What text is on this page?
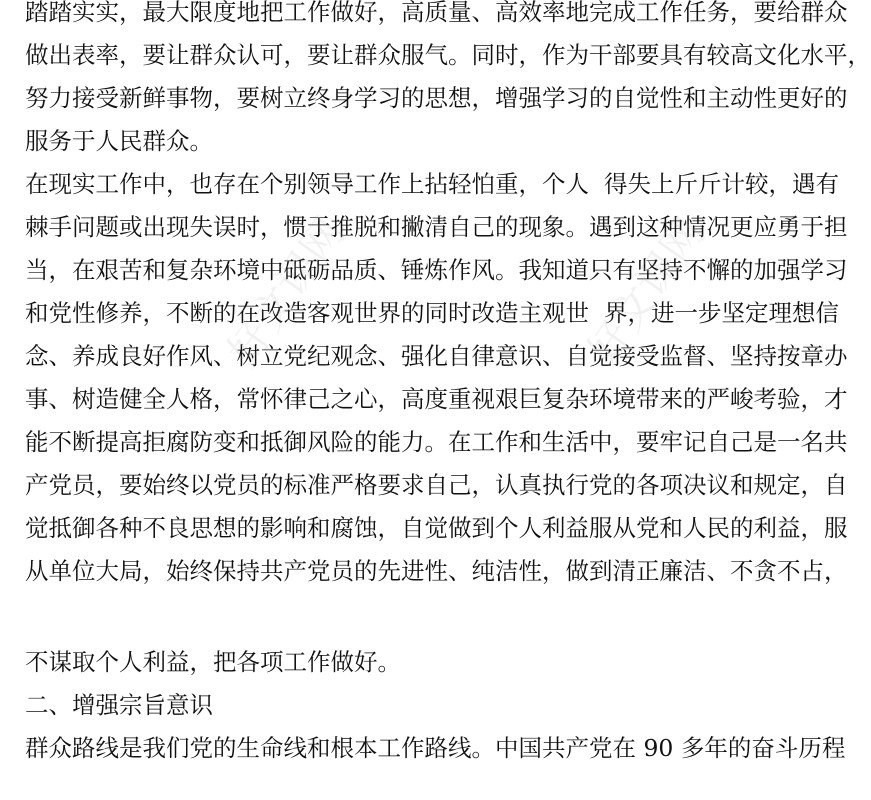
踏踏实实，最大限度地把工作做好，高质量、高效率地完成工作任务，要给群众
做出表率，要让群众认可，要让群众服气。同时，作为干部要具有较高文化水平，
努力接受新鲜事物，要树立终身学习的思想，增强学习的自觉性和主动性更好的
服务于人民群众。
在现实工作中，也存在个别领导工作上拈轻怕重，个人  得失上斤斤计较，遇有
棘手问题或出现失误时，惯于推脱和撇清自己的现象。遇到这种情况更应勇于担
当，在艰苦和复杂环境中砥砺品质、锤炼作风。我知道只有坚持不懈的加强学习
和党性修养，不断的在改造客观世界的同时改造主观世  界，进一步坚定理想信
念、养成良好作风、树立党纪观念、强化自律意识、自觉接受监督、坚持按章办
事、树造健全人格，常怀律己之心，高度重视艰巨复杂环境带来的严峻考验，才
能不断提高拒腐防变和抵御风险的能力。在工作和生活中，要牢记自己是一名共
产党员，要始终以党员的标准严格要求自己，认真执行党的各项决议和规定，自
觉抵御各种不良思想的影响和腐蚀，自觉做到个人利益服从党和人民的利益，服
从单位大局，始终保持共产党员的先进性、纯洁性，做到清正廉洁、不贪不占，
不谋取个人利益，把各项工作做好。
二、增强宗旨意识
群众路线是我们党的生命线和根本工作路线。中国共产党在 90 多年的奋斗历程
好文课网	好文课网
